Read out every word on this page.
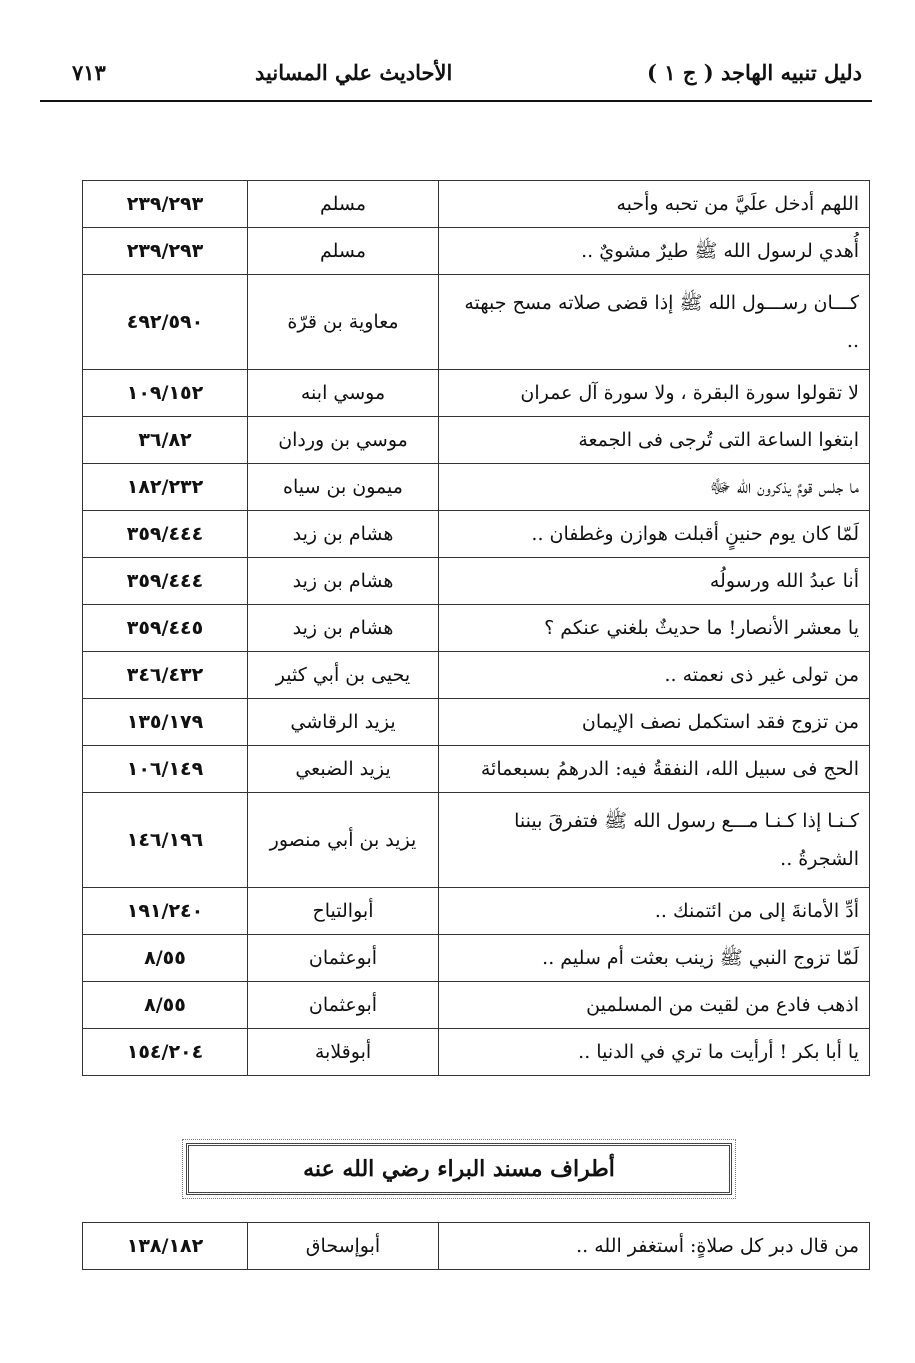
٧١٣	الأحاديث علي المسانيد	دليل تنبيه الهاجد ( ج ١ )
اللهم أدخل علَيَّ من تحبه وأحبه	مسلم	٢٣٩/٢٩٣
أُهدي لرسول الله ﷺ طيرٌ مشويٌ ..	مسلم	٢٣٩/٢٩٣
كـــان رســـول الله ﷺ إذا قضى صلاته مسح جبهته ..	معاوية بن قرّة	٤٩٢/٥٩٠
لا تقولوا سورة البقرة ، ولا سورة آل عمران	موسي ابنه	١٠٩/١٥٢
ابتغوا الساعة التى تُرجى فى الجمعة	موسي بن وردان	٣٦/٨٢
ما جلس قومٌ يذكرون الله ﷻ	ميمون بن سياه	١٨٢/٢٣٢
لَمّا كان يوم حنينٍ أقبلت هوازن وغطفان ..	هشام بن زيد	٣٥٩/٤٤٤
أنا عبدُ الله ورسولُه	هشام بن زيد	٣٥٩/٤٤٤
يا معشر الأنصار! ما حديثٌ بلغني عنكم ؟	هشام بن زيد	٣٥٩/٤٤٥
من تولى غير ذى نعمته ..	يحيى بن أبي كثير	٣٤٦/٤٣٢
من تزوج فقد استكمل نصف الإيمان	يزيد الرقاشي	١٣٥/١٧٩
الحج فى سبيل الله، النفقةُ فيه: الدرهمُ بسبعمائة	يزيد الضبعي	١٠٦/١٤٩
كـنـا إذا كـنـا مـــع رسول الله ﷺ فتفرقَ بيننا الشجرةُ ..	يزيد بن أبي منصور	١٤٦/١٩٦
أدِّ الأمانةَ إلى من ائتمنك ..	أبوالتياح	١٩١/٢٤٠
لَمّا تزوج النبي ﷺ زينب بعثت أم سليم ..	أبوعثمان	٨/٥٥
اذهب فادع من لقيت من المسلمين	أبوعثمان	٨/٥٥
يا أبا بكر ! أرأيت ما تري في الدنيا ..	أبوقلابة	١٥٤/٢٠٤
أطراف مسند البراء رضي الله عنه
من قال دبر كل صلاةٍ: أستغفر الله ..	أبوإسحاق	١٣٨/١٨٢
